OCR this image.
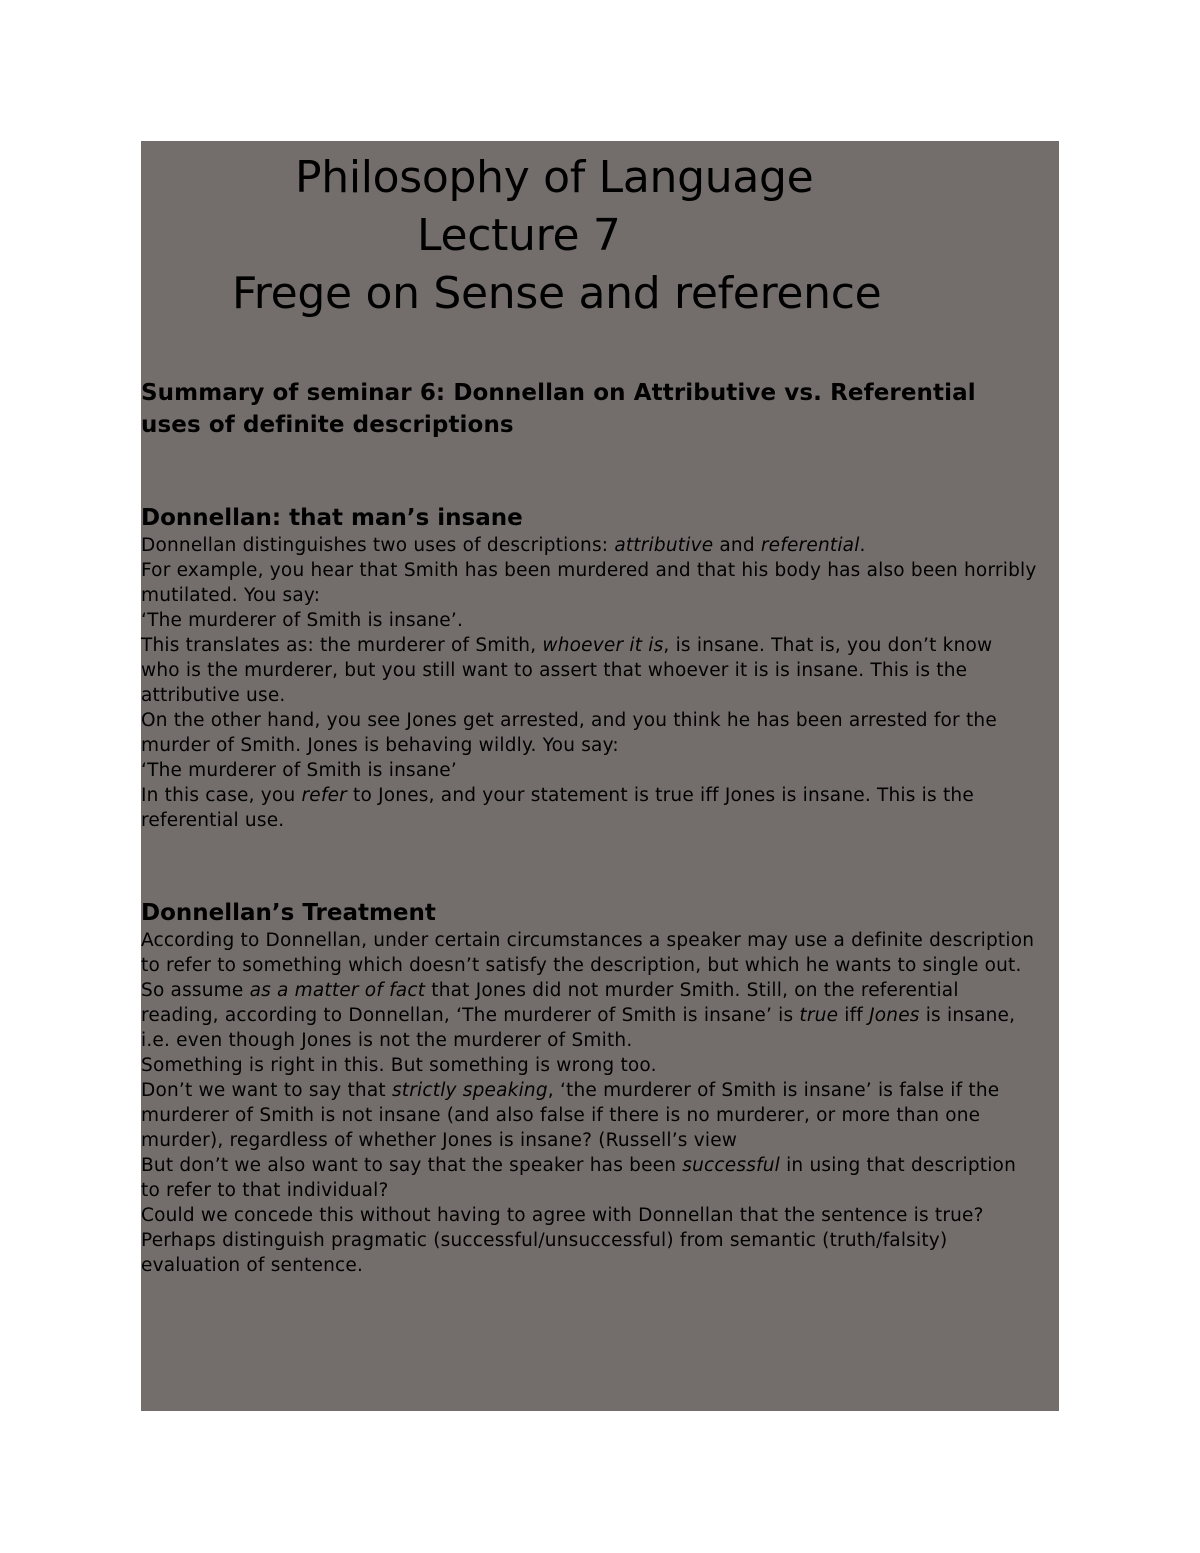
Philosophy of Language
Lecture 7
Frege on Sense and reference
Summary of seminar 6: Donnellan on Attributive vs. Referential uses of definite descriptions
Donnellan: that man’s insane
Donnellan distinguishes two uses of descriptions: attributive and referential.
For example, you hear that Smith has been murdered and that his body has also been horribly
mutilated. You say:
‘The murderer of Smith is insane’.
This translates as: the murderer of Smith, whoever it is, is insane. That is, you don’t know
who is the murderer, but you still want to assert that whoever it is is insane. This is the
attributive use.
On the other hand, you see Jones get arrested, and you think he has been arrested for the
murder of Smith. Jones is behaving wildly. You say:
‘The murderer of Smith is insane’
In this case, you refer to Jones, and your statement is true iff Jones is insane. This is the
referential use.
Donnellan’s Treatment
According to Donnellan, under certain circumstances a speaker may use a definite description
to refer to something which doesn’t satisfy the description, but which he wants to single out.
So assume as a matter of fact that Jones did not murder Smith. Still, on the referential
reading, according to Donnellan, ‘The murderer of Smith is insane’ is true iff Jones is insane,
i.e. even though Jones is not the murderer of Smith.
Something is right in this. But something is wrong too.
Don’t we want to say that strictly speaking, ‘the murderer of Smith is insane’ is false if the
murderer of Smith is not insane (and also false if there is no murderer, or more than one
murder), regardless of whether Jones is insane? (Russell’s view
But don’t we also want to say that the speaker has been successful in using that description
to refer to that individual?
Could we concede this without having to agree with Donnellan that the sentence is true?
Perhaps distinguish pragmatic (successful/unsuccessful) from semantic (truth/falsity)
evaluation of sentence.
